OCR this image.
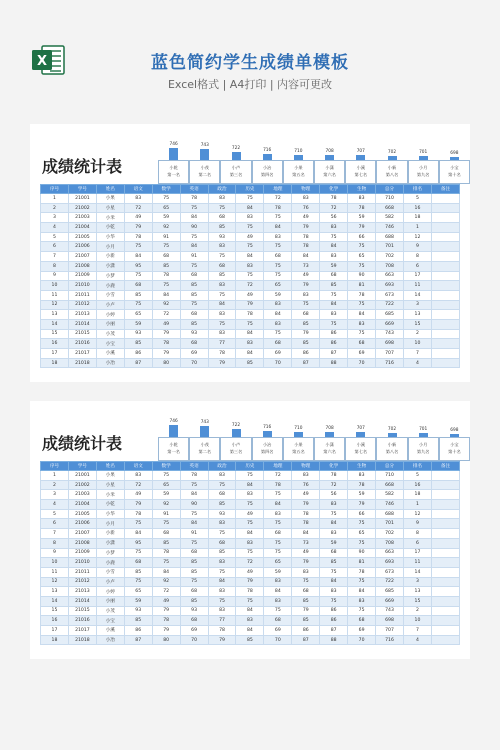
X	蓝色简约学生成绩单模板
Excel格式 | A4打印 | 内容可更改
成绩统计表
746
小乾
第一名
743
小茂
第二名
722
小卢
第三名
716
小冶
第四名
710
小果
第五名
708
小潇
第六名
707
小溪
第七名
702
小新
第八名
701
小月
第九名
698
小宝
第十名
序号	学号	姓名	语文	数学	英语	政治	历史	地理	物理	化学	生物	总分	排名	备注
1	21001	小果	83	75	78	83	75	72	83	78	83	710	5	
2	21002	小星	72	65	75	75	84	78	76	72	78	668	16	
3	21003	小米	49	59	84	68	83	75	49	56	59	582	18	
4	21004	小乾	79	92	90	85	75	84	79	83	79	746	1	
5	21005	小华	78	91	75	93	49	83	78	75	66	688	12	
6	21006	小月	75	75	84	83	75	75	78	84	75	701	9	
7	21007	小新	84	68	91	75	84	68	84	83	65	702	8	
8	21008	小潇	95	85	75	68	83	75	73	59	75	708	6	
9	21009	小梦	75	78	68	85	75	75	49	68	90	663	17	
10	21010	小鹿	68	75	85	83	72	65	79	85	81	693	11	
11	21011	小雪	85	84	85	75	49	59	83	75	78	673	14	
12	21012	小卢	75	92	75	84	79	83	75	84	75	722	3	
13	21013	小婷	65	72	68	83	78	84	68	83	84	685	13	
14	21014	小丽	59	49	85	75	75	83	85	75	83	669	15	
15	21015	小茂	93	79	93	83	84	75	79	86	75	743	2	
16	21016	小宝	85	78	68	77	83	68	85	86	68	698	10	
17	21017	小溪	86	79	69	78	84	69	86	87	69	707	7	
18	21018	小冶	87	80	70	79	85	70	87	88	70	716	4	
成绩统计表
746
小乾
第一名
743
小茂
第二名
722
小卢
第三名
716
小冶
第四名
710
小果
第五名
708
小潇
第六名
707
小溪
第七名
702
小新
第八名
701
小月
第九名
698
小宝
第十名
序号	学号	姓名	语文	数学	英语	政治	历史	地理	物理	化学	生物	总分	排名	备注
1	21001	小果	83	75	78	83	75	72	83	78	83	710	5	
2	21002	小星	72	65	75	75	84	78	76	72	78	668	16	
3	21003	小米	49	59	84	68	83	75	49	56	59	582	18	
4	21004	小乾	79	92	90	85	75	84	79	83	79	746	1	
5	21005	小华	78	91	75	93	49	83	78	75	66	688	12	
6	21006	小月	75	75	84	83	75	75	78	84	75	701	9	
7	21007	小新	84	68	91	75	84	68	84	83	65	702	8	
8	21008	小潇	95	85	75	68	83	75	73	59	75	708	6	
9	21009	小梦	75	78	68	85	75	75	49	68	90	663	17	
10	21010	小鹿	68	75	85	83	72	65	79	85	81	693	11	
11	21011	小雪	85	84	85	75	49	59	83	75	78	673	14	
12	21012	小卢	75	92	75	84	79	83	75	84	75	722	3	
13	21013	小婷	65	72	68	83	78	84	68	83	84	685	13	
14	21014	小丽	59	49	85	75	75	83	85	75	83	669	15	
15	21015	小茂	93	79	93	83	84	75	79	86	75	743	2	
16	21016	小宝	85	78	68	77	83	68	85	86	68	698	10	
17	21017	小溪	86	79	69	78	84	69	86	87	69	707	7	
18	21018	小冶	87	80	70	79	85	70	87	88	70	716	4	
